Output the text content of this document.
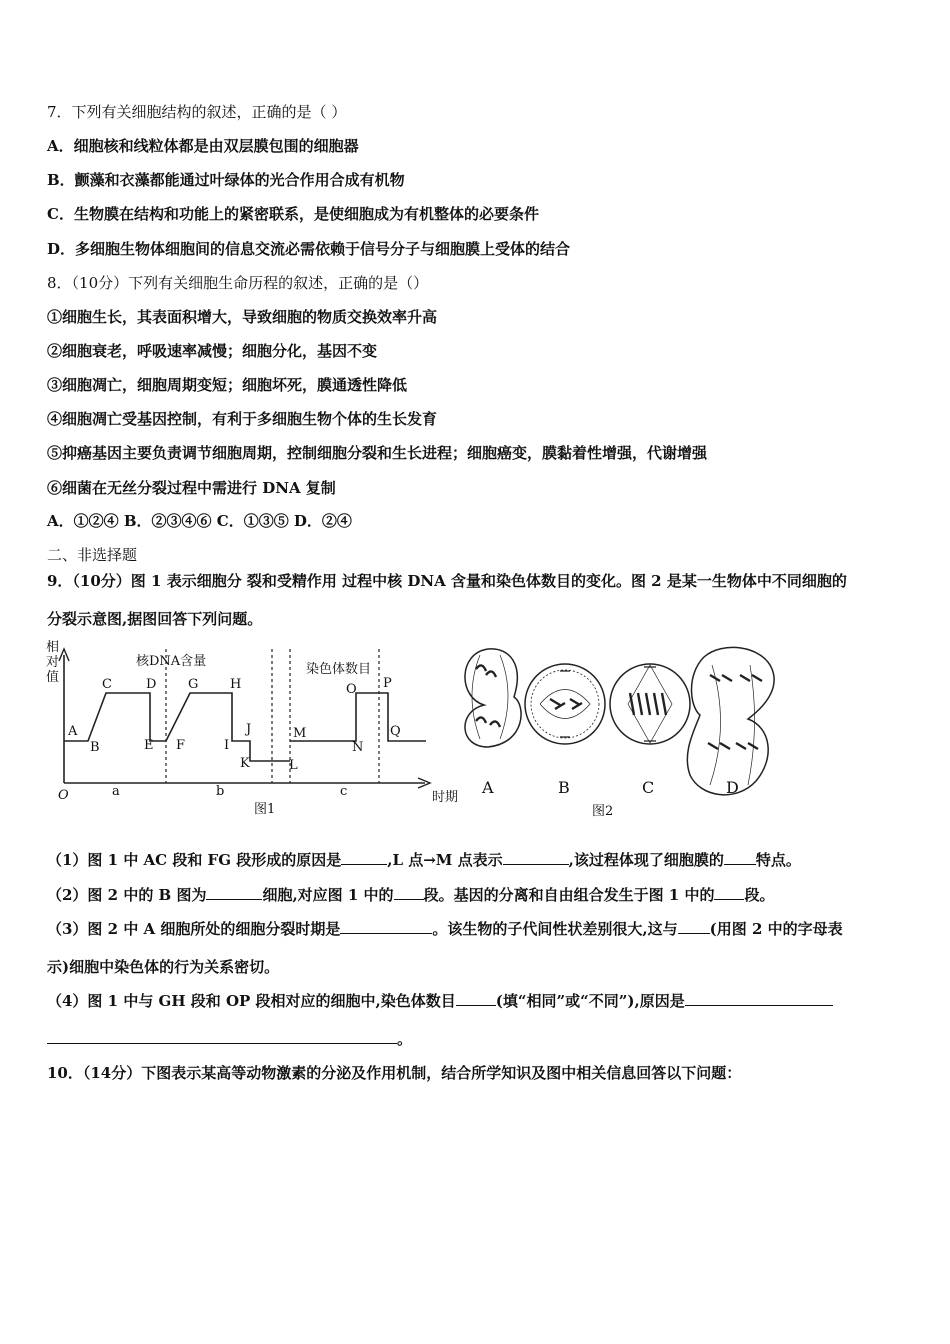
7．下列有关细胞结构的叙述，正确的是（ ）
A．细胞核和线粒体都是由双层膜包围的细胞器
B．颤藻和衣藻都能通过叶绿体的光合作用合成有机物
C．生物膜在结构和功能上的紧密联系，是使细胞成为有机整体的必要条件
D．多细胞生物体细胞间的信息交流必需依赖于信号分子与细胞膜上受体的结合
8．（10分）下列有关细胞生命历程的叙述，正确的是（）
①细胞生长，其表面积增大，导致细胞的物质交换效率升高
②细胞衰老，呼吸速率减慢；细胞分化，基因不变
③细胞凋亡，细胞周期变短；细胞坏死，膜通透性降低
④细胞凋亡受基因控制，有利于多细胞生物个体的生长发育
⑤抑癌基因主要负责调节细胞周期，控制细胞分裂和生长进程；细胞癌变，膜黏着性增强，代谢增强
⑥细菌在无丝分裂过程中需进行 DNA 复制
A．①②④ B．②③④⑥ C．①③⑤ D．②④
二、非选择题
9．（10分）图 1 表示细胞分 裂和受精作用 过程中核 DNA 含量和染色体数目的变化。图 2 是某一生物体中不同细胞的
分裂示意图,据图回答下列问题。
相
对
值
O	时期
核DNA含量
染色体数目
A
B
C	D
E F
G H
I
J
K	L
M
N
O P
Q
a	b	c
图1
A	B	C	D
图2
（1）图 1 中 AC 段和 FG 段形成的原因是	,L 点→M 点表示	,该过程体现了细胞膜的 特点。
（2）图 2 中的 B 图为	细胞,对应图 1 中的 段。基因的分离和自由组合发生于图 1 中的 段。
（3）图 2 中 A 细胞所处的细胞分裂时期是	。该生物的子代间性状差别很大,这与 (用图 2 中的字母表
示)细胞中染色体的行为关系密切。
（4）图 1 中与 GH 段和 OP 段相对应的细胞中,染色体数目	(填“相同”或“不同”),原因是
。
10．（14分）下图表示某高等动物激素的分泌及作用机制，结合所学知识及图中相关信息回答以下问题：
